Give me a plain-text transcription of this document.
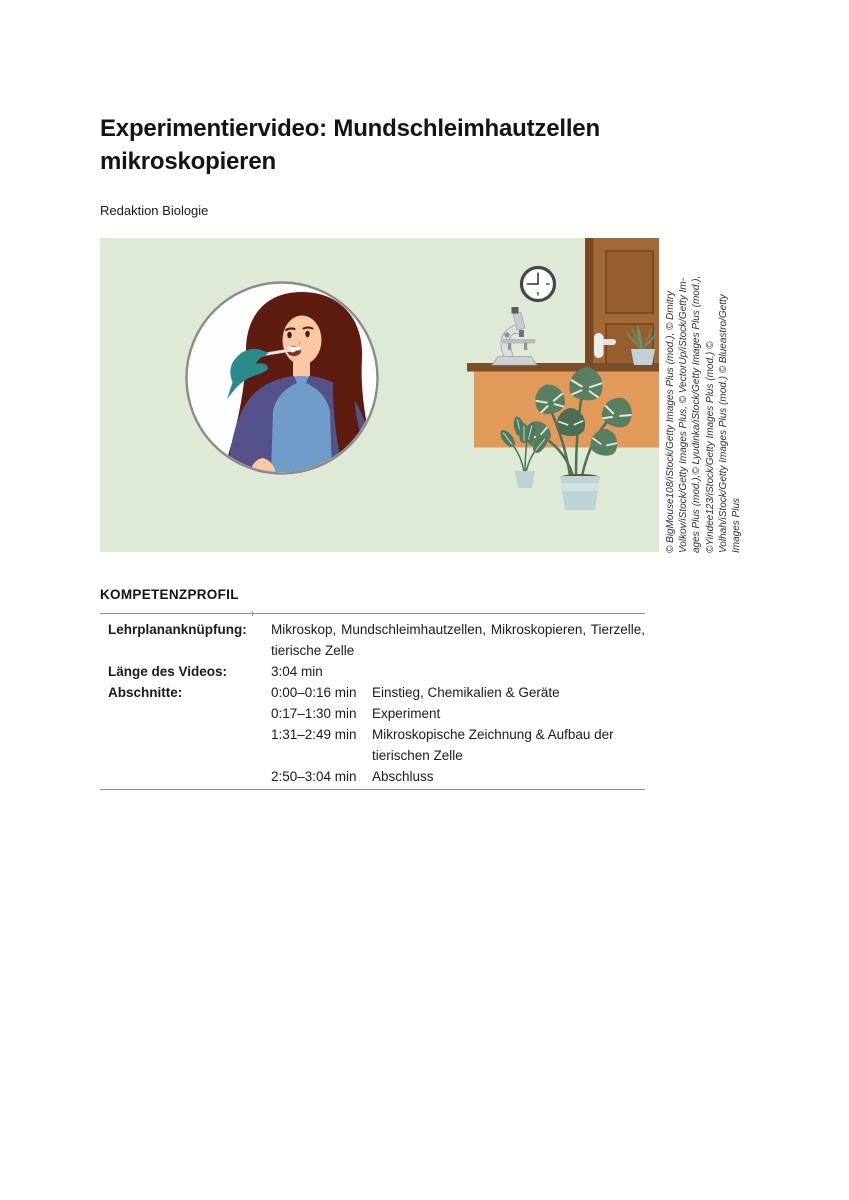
Experimentiervideo: Mundschleimhautzellen mikroskopieren
Redaktion Biologie
© BigMouse108/iStock/Getty Images Plus (mod.), © Dmitry Volkov/iStock/Getty Images Plus, © VectorUp/iStock/Getty Im- ages Plus (mod.),© Lyudinka/iStock/Getty Images Plus (mod.), ©Yindee123/iStock/Getty Images Plus (mod.) © Volhah/iStock/Getty Images Plus (mod.) © Blueastro/Getty Images Plus
KOMPETENZPROFIL
Lehrplananknüpfung:	Mikroskop, Mundschleimhautzellen, Mikroskopieren, Tierzelle,
tierische Zelle
Länge des Videos:	3:04 min
Abschnitte:	0:00–0:16 min	Einstieg, Chemikalien & Geräte
0:17–1:30 min	Experiment
1:31–2:49 min	Mikroskopische Zeichnung & Aufbau der tierischen Zelle
2:50–3:04 min	Abschluss
